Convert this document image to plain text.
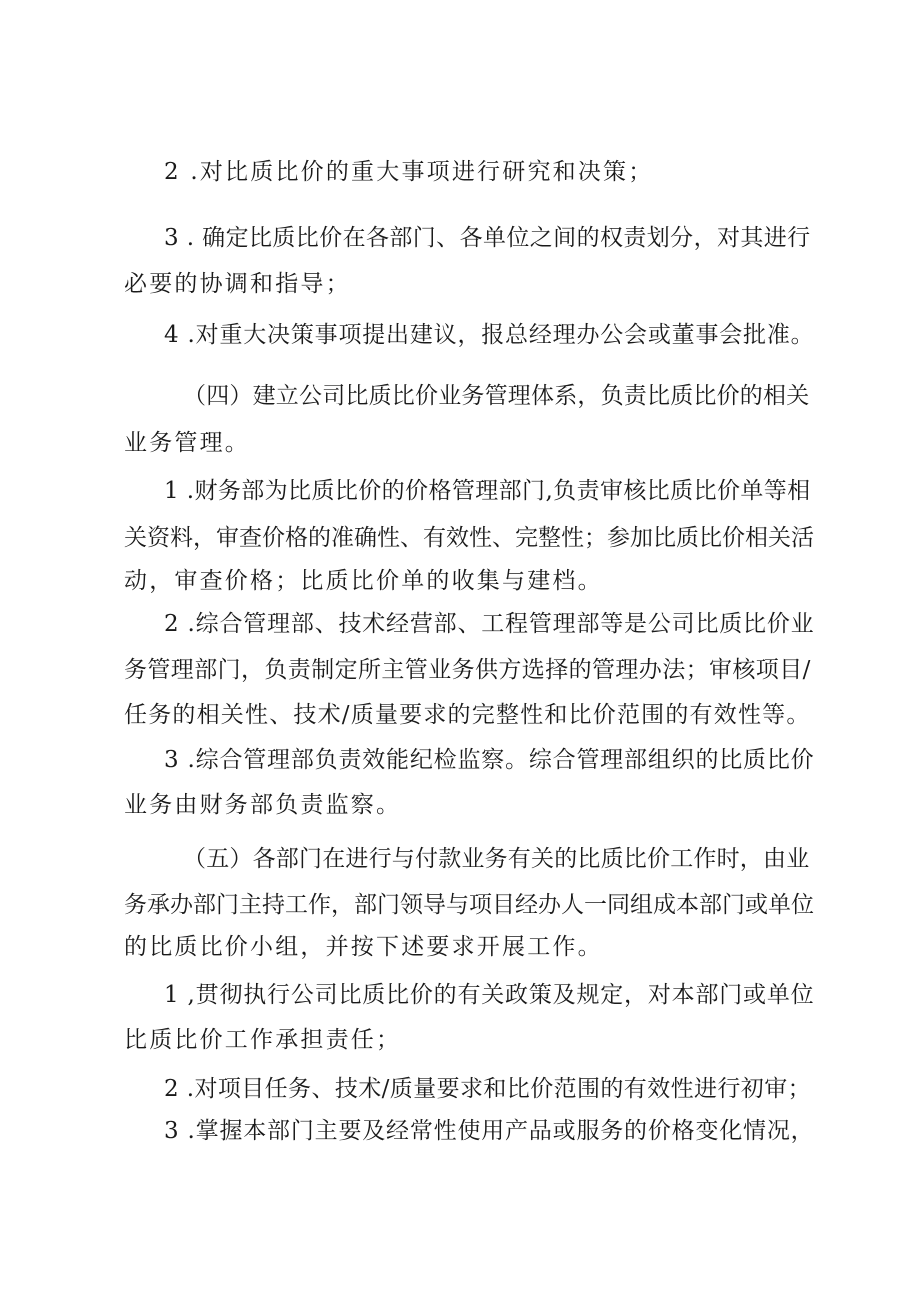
2 .对比质比价的重大事项进行研究和决策；
3 . 确定比质比价在各部门、各单位之间的权责划分，对其进行
必要的协调和指导；
4 .对重大决策事项提出建议，报总经理办公会或董事会批准。
（四）建立公司比质比价业务管理体系，负责比质比价的相关
业务管理。
1 .财务部为比质比价的价格管理部门,负责审核比质比价单等相
关资料，审查价格的准确性、有效性、完整性；参加比质比价相关活
动，审查价格；比质比价单的收集与建档。
2 .综合管理部、技术经营部、工程管理部等是公司比质比价业
务管理部门，负责制定所主管业务供方选择的管理办法；审核项目/
任务的相关性、技术/质量要求的完整性和比价范围的有效性等。
3 .综合管理部负责效能纪检监察。综合管理部组织的比质比价
业务由财务部负责监察。
（五）各部门在进行与付款业务有关的比质比价工作时，由业
务承办部门主持工作，部门领导与项目经办人一同组成本部门或单位
的比质比价小组，并按下述要求开展工作。
1 ,贯彻执行公司比质比价的有关政策及规定，对本部门或单位
比质比价工作承担责任；
2 .对项目任务、技术/质量要求和比价范围的有效性进行初审；
3 .掌握本部门主要及经常性使用产品或服务的价格变化情况，
